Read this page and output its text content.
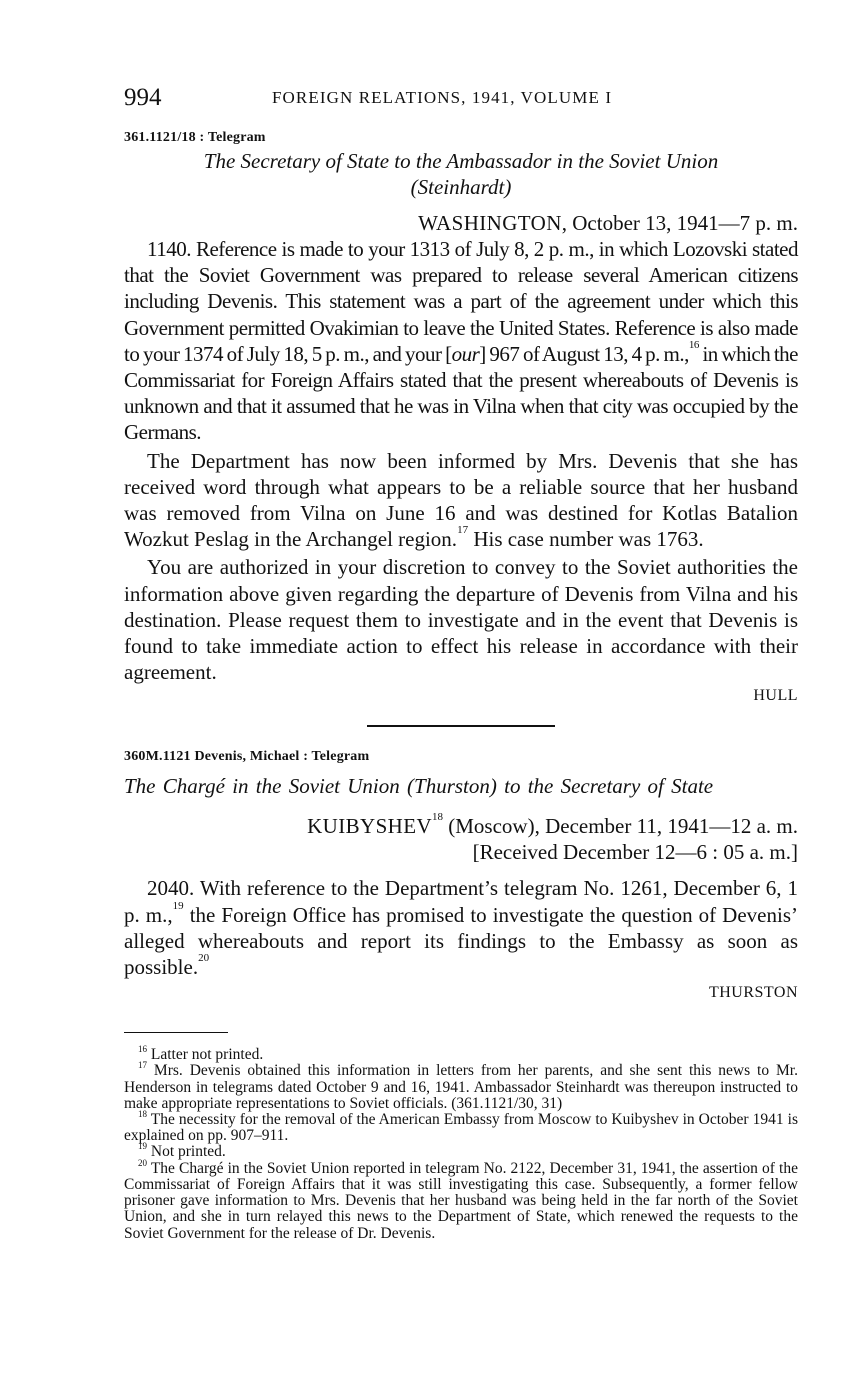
994	FOREIGN RELATIONS, 1941, VOLUME I
361.1121/18 : Telegram
The Secretary of State to the Ambassador in the Soviet Union
(Steinhardt)
WASHINGTON, October 13, 1941—7 p. m.

1140. Reference is made to your 1313 of July 8, 2 p. m., in which Lozovski stated that the Soviet Government was prepared to release several American citizens including Devenis. This statement was a part of the agreement under which this Government permitted Ovakimian to leave the United States. Reference is also made to your 1374 of July 18, 5 p. m., and your [our] 967 of August 13, 4 p. m.,$^{16}$ in which the Commissariat for Foreign Affairs stated that the present whereabouts of Devenis is unknown and that it assumed that he was in Vilna when that city was occupied by the Germans.

The Department has now been informed by Mrs. Devenis that she has received word through what appears to be a reliable source that her husband was removed from Vilna on June 16 and was destined for Kotlas Batalion Wozkut Peslag in the Archangel region.$^{17}$ His case number was 1763.

You are authorized in your discretion to convey to the Soviet authorities the information above given regarding the departure of Devenis from Vilna and his destination. Please request them to investigate and in the event that Devenis is found to take immediate action to effect his release in accordance with their agreement.

HULL
360M.1121 Devenis, Michael : Telegram
The Chargé in the Soviet Union (Thurston) to the Secretary of State
KUIBYSHEV$^{18}$ (Moscow), December 11, 1941—12 a. m.
[Received December 12—6 : 05 a. m.]

2040. With reference to the Department’s telegram No. 1261, December 6, 1 p. m.,$^{19}$ the Foreign Office has promised to investigate the question of Devenis’ alleged whereabouts and report its findings to the Embassy as soon as possible.$^{20}$

THURSTON

$^{16}$ Latter not printed.

$^{17}$ Mrs. Devenis obtained this information in letters from her parents, and she sent this news to Mr. Henderson in telegrams dated October 9 and 16, 1941. Ambassador Steinhardt was thereupon instructed to make appropriate representations to Soviet officials. (361.1121/30, 31)

$^{18}$ The necessity for the removal of the American Embassy from Moscow to Kuibyshev in October 1941 is explained on pp. 907–911.

$^{19}$ Not printed.

$^{20}$ The Chargé in the Soviet Union reported in telegram No. 2122, December 31, 1941, the assertion of the Commissariat of Foreign Affairs that it was still investigating this case. Subsequently, a former fellow prisoner gave information to Mrs. Devenis that her husband was being held in the far north of the Soviet Union, and she in turn relayed this news to the Department of State, which renewed the requests to the Soviet Government for the release of Dr. Devenis.
